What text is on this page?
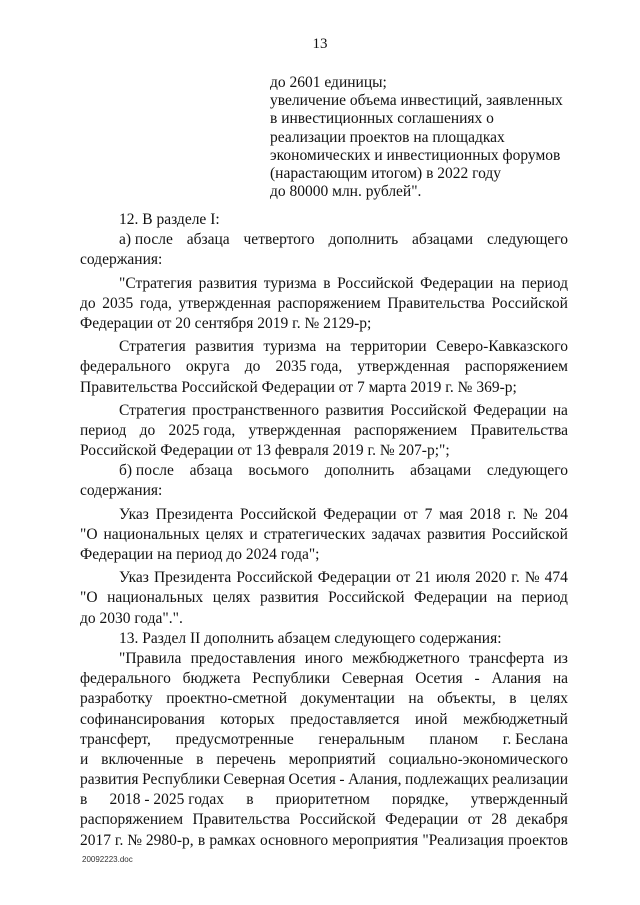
13
до 2601 единицы;
увеличение объема инвестиций, заявленных
в инвестиционных соглашениях о
реализации проектов на площадках
экономических и инвестиционных форумов
(нарастающим итогом) в 2022 году
до 80000 млн. рублей".
12. В разделе I:
а) после абзаца четвертого дополнить абзацами следующего
содержания:
"Стратегия развития туризма в Российской Федерации на период
до 2035 года, утвержденная распоряжением Правительства Российской
Федерации от 20 сентября 2019 г. № 2129-р;
Стратегия развития туризма на территории Северо-Кавказского
федерального округа до 2035 года, утвержденная распоряжением
Правительства Российской Федерации от 7 марта 2019 г. № 369-р;
Стратегия пространственного развития Российской Федерации на
период до 2025 года, утвержденная распоряжением Правительства
Российской Федерации от 13 февраля 2019 г. № 207-р;";
б) после абзаца восьмого дополнить абзацами следующего
содержания:
Указ Президента Российской Федерации от 7 мая 2018 г. № 204
"О национальных целях и стратегических задачах развития Российской
Федерации на период до 2024 года";
Указ Президента Российской Федерации от 21 июля 2020 г. № 474
"О национальных целях развития Российской Федерации на период
до 2030 года".".
13. Раздел II дополнить абзацем следующего содержания:
"Правила предоставления иного межбюджетного трансферта из
федерального бюджета Республики Северная Осетия - Алания на
разработку проектно-сметной документации на объекты, в целях
софинансирования которых предоставляется иной межбюджетный
трансферт, предусмотренные генеральным планом г. Беслана
и включенные в перечень мероприятий социально-экономического
развития Республики Северная Осетия - Алания, подлежащих реализации
в 2018 - 2025 годах в приоритетном порядке, утвержденный
распоряжением Правительства Российской Федерации от 28 декабря
2017 г. № 2980-р, в рамках основного мероприятия "Реализация проектов
20092223.doc
